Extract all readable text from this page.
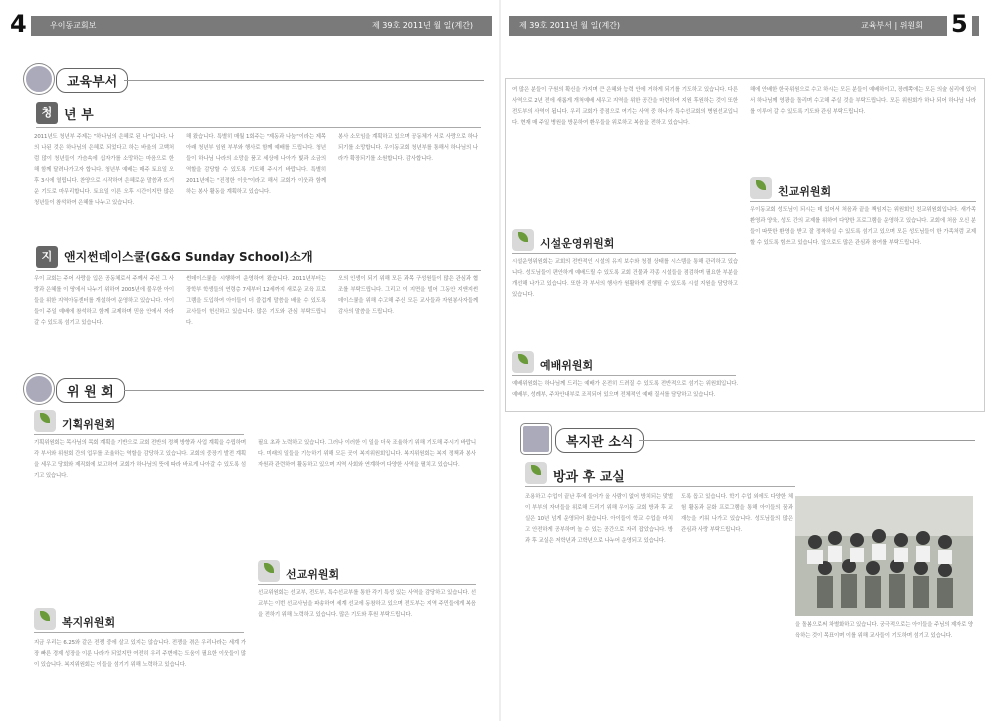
4	우이동교회보	제 39호 2011년 월 일(계간)
교육부서
청 년 부
2011년도 청년부 주제는 "하나님의 은혜로 된 나"입니다. 나의 나된 것은 하나님의 은혜로 되었다고 하는 바울의 고백처럼 많이 청년들이 가슴속에 십자가를 소망하는 마음으로 한 해 함께 달려나가고자 합니다. 청년부 예배는 매주 토요일 오후 3시에 열립니다. 찬양으로 시작하여 은혜로운 말씀과 뜨거운 기도로 마무리합니다. 토요일 이른 오후 시간이지만 많은 청년들이 참석하여 은혜를 나누고 있습니다.
해 왔습니다. 특별히 매월 1회주는 "제동과 나눔"이라는 제목 아래 청년부 임원 부부와 행사로 함께 예배를 드립니다. 청년들이 하나님 나라의 소망을 품고 세상에 나아가 빛과 소금의 역할을 감당할 수 있도록 기도해 주시기 바랍니다. 특별히 2011년에는 "진정한 이웃"이라고 해서 교회가 이웃과 함께하는 봉사 활동을 계획하고 있습니다.
봉사 소모임을 계획하고 있으며 공동체가 서로 사랑으로 하나 되기를 소망합니다. 우이동교회 청년부를 통해서 하나님의 나라가 확장되기를 소원합니다. 감사합니다.
지 앤지썬데이스쿨(G&G Sunday School)소개
우이 교회는 주어 사랑을 입은 공동체로서 주께서 주신 그 사랑과 은혜를 이 땅에서 나누기 위하여 2005년에 불우한 아이들을 위한 지역아동센터를 개설하여 운영하고 있습니다. 아이들이 주일 예배에 참석하고 함께 교제하며 믿음 안에서 자라갈 수 있도록 섬기고 있습니다.
썬데이스쿨을 시행하여 운영하여 왔습니다. 2011년부터는 장학부 학생들의 연령층 7세부터 12세까지 새로운 교육 프로그램을 도입하여 아이들이 더 즐겁게 말씀을 배울 수 있도록 교사들이 헌신하고 있습니다. 많은 기도와 관심 부탁드립니다.
오의 인생이 되기 위해 모든 과목 구성원들이 많은 관심과 협조를 부탁드립니다. 그리고 이 지면을 빌어 그동안 지앤지썬데이스쿨을 위해 수고해 주신 모든 교사들과 자원봉사자들께 감사의 말씀을 드립니다.
위 원 회
기획위원회
기획위원회는 목사님의 목회 계획을 기반으로 교회 전반의 정책 방향과 사업 계획을 수립하며 각 부서와 위원회 간의 업무를 조율하는 역할을 감당하고 있습니다. 교회의 중장기 발전 계획을 세우고 당회와 제직회에 보고하여 교회가 하나님의 뜻에 따라 바르게 나아갈 수 있도록 섬기고 있습니다.
복지위원회
지금 우리는 6.25와 같은 전쟁 중에 살고 있지는 않습니다. 전쟁을 겪은 우리나라는 세계 가장 빠른 경제 성장을 이룬 나라가 되었지만 여전히 우리 주변에는 도움이 필요한 이웃들이 많이 있습니다. 복지위원회는 이들을 섬기기 위해 노력하고 있습니다.
필요 초과 노력하고 있습니다. 그러나 이러한 이 일을 더욱 조율하기 위해 기도해 주시기 바랍니다. 미래의 일들을 기능하기 위해 모든 곳이 복지위원회입니다. 복지위원회는 복지 정책과 봉사 자원과 관련하여 활동하고 있으며 지역 사회와 연계하여 다양한 사역을 펼치고 있습니다.
선교위원회
선교위원회는 선교부, 전도부, 특수선교부를 통한 각기 특성 있는 사역을 감당하고 있습니다. 선교부는 이번 선교사님을 파송하여 세계 선교에 동참하고 있으며 전도부는 지역 주민들에게 복음을 전하기 위해 노력하고 있습니다. 많은 기도와 후원 부탁드립니다.
제 39호 2011년 월 일(계간)	교육부서 | 위원회 5
여 많은 분들이 구원의 확신을 가지며 큰 은혜와 능력 안에 거하게 되기를 기도하고 있습니다. 다른 사역으로 2년 전에 새롭게 개척예배 세우고 지역을 위한 공간을 마련하여 지원 후원하는 것이 또한 전도부의 사역이 됩니다. 우리 교회가 중점으로 여기는 사역 중 하나가 특수선교회의 병원선교입니다. 현재 매 주일 병원을 방문하여 환우들을 위로하고 복음을 전하고 있습니다.
시설운영위원회
시설운영위원회는 교회의 전반적인 시설의 유지 보수와 청결 상태를 시스템을 통해 관리하고 있습니다. 성도님들이 편안하게 예배드릴 수 있도록 교회 건물과 각종 시설들을 점검하며 필요한 부분을 개선해 나가고 있습니다. 또한 각 부서의 행사가 원활하게 진행될 수 있도록 시설 지원을 담당하고 있습니다.
예배위원회
예배위원회는 하나님께 드리는 예배가 온전히 드려질 수 있도록 전반적으로 섬기는 위원회입니다. 예배부, 성례부, 주차안내부로 조직되어 있으며 전체적인 예배 질서를 담당하고 있습니다.
해에 안배한 한국위원으로 수고 하시는 모든 분들이 예배하이고, 장례쪽에는 모든 의술 심리에 있어서 하나님께 영광을 돌리며 수고해 주실 것을 부탁드립니다. 모든 위원회가 하나 되어 하나님 나라를 이루어 갈 수 있도록 기도와 관심 부탁드립니다.
친교위원회
우이동교회 성도님이 되시는 데 있어서 처음과 끝을 책임지는 위원회인 친교위원회입니다. 새가족 환영과 양육, 성도 간의 교제를 위하여 다양한 프로그램을 운영하고 있습니다. 교회에 처음 오신 분들이 따뜻한 환영을 받고 잘 정착하실 수 있도록 섬기고 있으며 모든 성도님들이 한 가족처럼 교제할 수 있도록 힘쓰고 있습니다. 앞으로도 많은 관심과 참여를 부탁드립니다.
복지관 소식
방과 후 교실
조용하고 수업이 끝난 후에 들어가 올 사람이 없어 방치되는 맞벌이 부부의 자녀들을 위로해 드리기 위해 우이동 교회 방과 후 교실은 10년 넘게 운영되어 왔습니다. 아이들이 학교 수업을 마치고 안전하게 공부하며 놀 수 있는 공간으로 자리 잡았습니다. 방과 후 교실은 저학년과 고학년으로 나누어 운영되고 있습니다.
도록 돕고 있습니다. 학기 수업 외에도 다양한 체험 활동과 문화 프로그램을 통해 아이들의 꿈과 재능을 키워 나가고 있습니다. 성도님들의 많은 관심과 사랑 부탁드립니다.
을 돌봄으로써 차별화하고 있습니다. 궁극적으로는 아이들을 주님의 제자로 양육하는 것이 목표이며 이를 위해 교사들이 기도하며 섬기고 있습니다.
